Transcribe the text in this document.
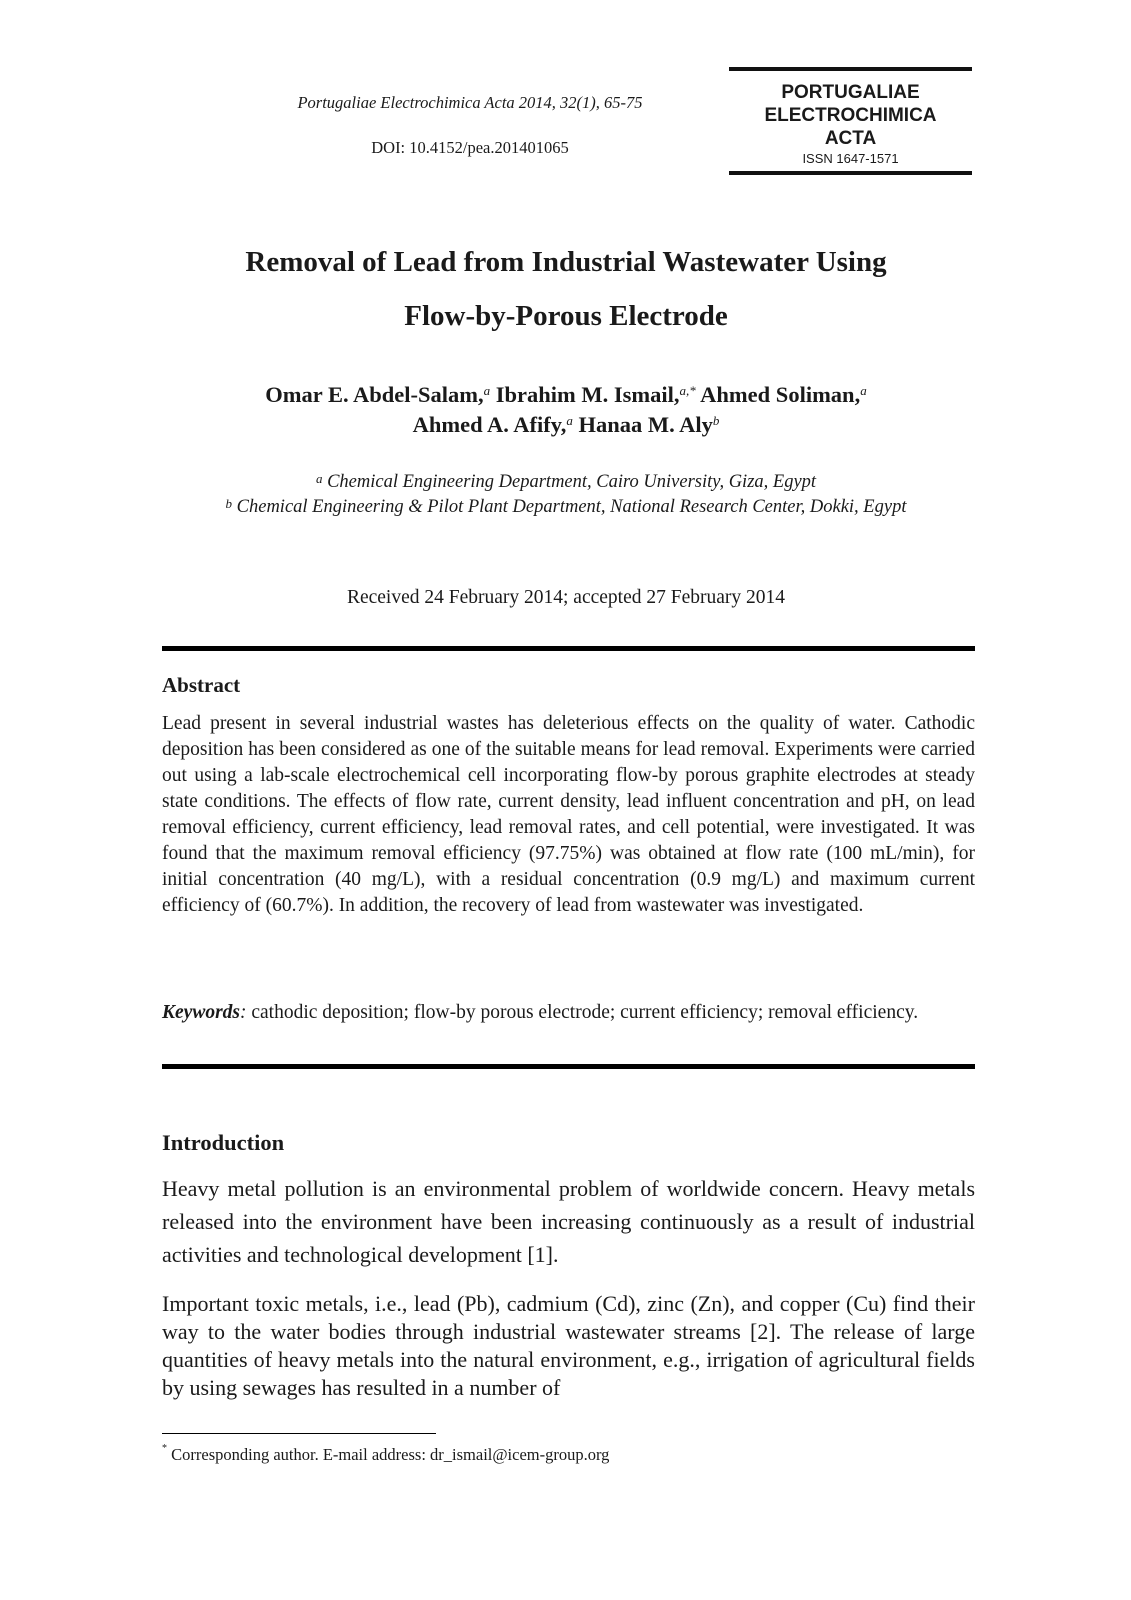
Portugaliae Electrochimica Acta 2014, 32(1), 65-75
DOI: 10.4152/pea.201401065
PORTUGALIAE
ELECTROCHIMICA
ACTA
ISSN 1647-1571
Removal of Lead from Industrial Wastewater Using
Flow-by-Porous Electrode
Omar E. Abdel-Salam,$^a$ Ibrahim M. Ismail,$^{a,*}$ Ahmed Soliman,$^a$
Ahmed A. Afify,$^a$ Hanaa M. Aly$^b$
$^a$ Chemical Engineering Department, Cairo University, Giza, Egypt
$^b$ Chemical Engineering & Pilot Plant Department, National Research Center, Dokki, Egypt
Received 24 February 2014; accepted 27 February 2014
Abstract
Lead present in several industrial wastes has deleterious effects on the quality of water. Cathodic deposition has been considered as one of the suitable means for lead removal. Experiments were carried out using a lab-scale electrochemical cell incorporating flow-by porous graphite electrodes at steady state conditions. The effects of flow rate, current density, lead influent concentration and pH, on lead removal efficiency, current efficiency, lead removal rates, and cell potential, were investigated. It was found that the maximum removal efficiency (97.75%) was obtained at flow rate (100 mL/min), for initial concentration (40 mg/L), with a residual concentration (0.9 mg/L) and maximum current efficiency of (60.7%). In addition, the recovery of lead from wastewater was investigated.
Keywords: cathodic deposition; flow-by porous electrode; current efficiency; removal efficiency.
Introduction
Heavy metal pollution is an environmental problem of worldwide concern. Heavy metals released into the environment have been increasing continuously as a result of industrial activities and technological development [1].
Important toxic metals, i.e., lead (Pb), cadmium (Cd), zinc (Zn), and copper (Cu) find their way to the water bodies through industrial wastewater streams [2]. The release of large quantities of heavy metals into the natural environment, e.g., irrigation of agricultural fields by using sewages has resulted in a number of
* Corresponding author. E-mail address: dr_ismail@icem-group.org
